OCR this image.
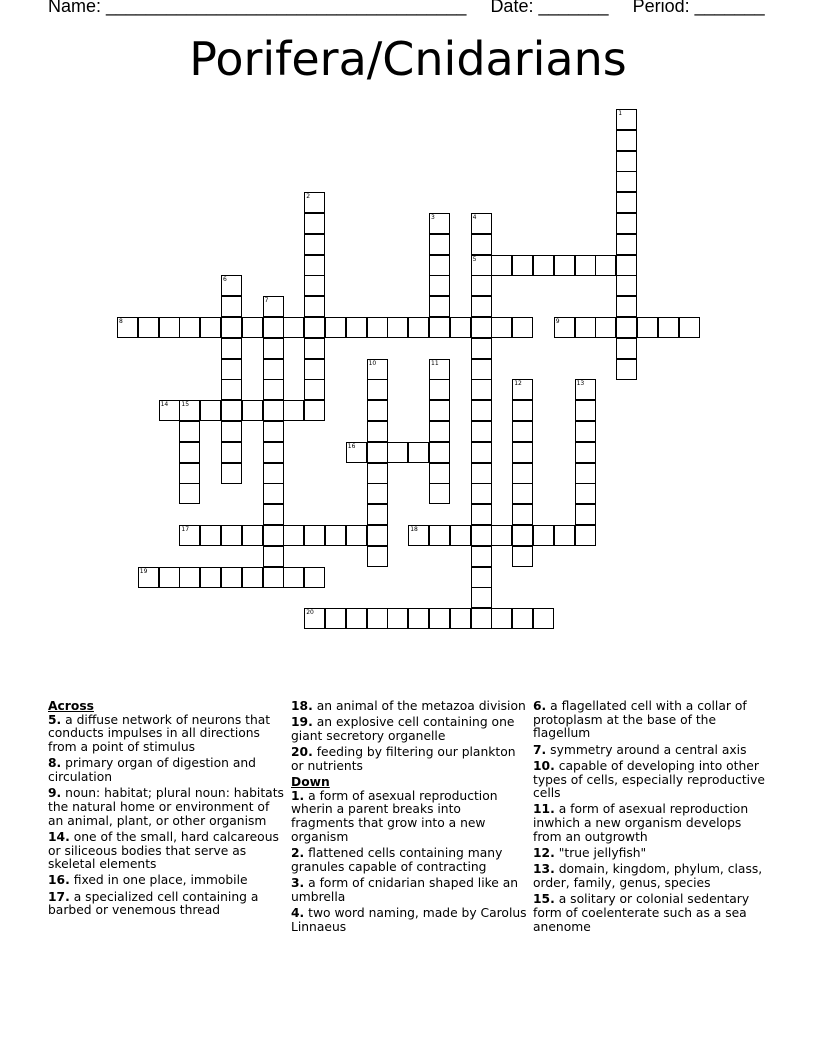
Name: ____________________________________ Date: _______ Period: _______
Porifera/Cnidarians
1
2
3	4
5
6
7
8	9
10	11
12	13
14 15
16
17	18
19
20

Across

5. a diffuse network of neurons that conducts impulses in all directions from a point of stimulus

8. primary organ of digestion and circulation

9. noun: habitat; plural noun: habitats the natural home or environment of an animal, plant, or other organism

14. one of the small, hard calcareous or siliceous bodies that serve as skeletal elements

16. fixed in one place, immobile

17. a specialized cell containing a barbed or venemous thread

18. an animal of the metazoa division

19. an explosive cell containing one giant secretory organelle

20. feeding by filtering our plankton or nutrients

Down

1. a form of asexual reproduction wherin a parent breaks into fragments that grow into a new organism

2. flattened cells containing many granules capable of contracting

3. a form of cnidarian shaped like an umbrella

4. two word naming, made by Carolus Linnaeus

6. a flagellated cell with a collar of protoplasm at the base of the flagellum

7. symmetry around a central axis

10. capable of developing into other types of cells, especially reproductive cells

11. a form of asexual reproduction inwhich a new organism develops from an outgrowth

12. "true jellyfish"

13. domain, kingdom, phylum, class, order, family, genus, species

15. a solitary or colonial sedentary form of coelenterate such as a sea anenome
